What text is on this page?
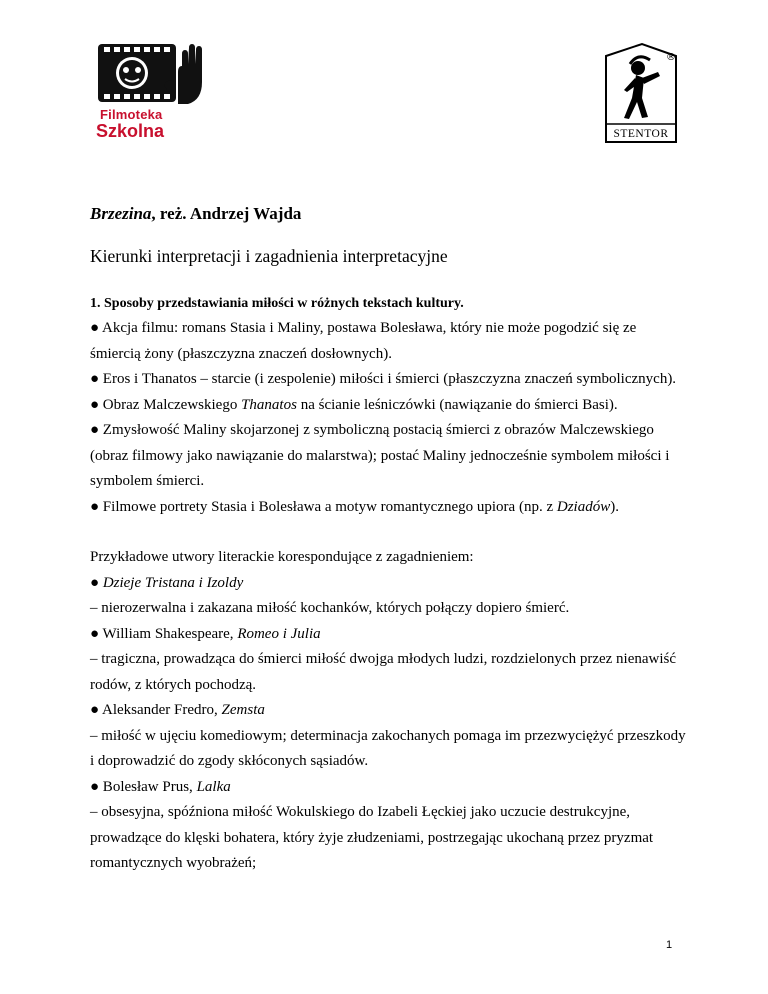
Filmoteka
Szkolna
®
STENTOR
Brzezina, reż. Andrzej Wajda
Kierunki interpretacji i zagadnienia interpretacyjne
1. Sposoby przedstawiania miłości w różnych tekstach kultury.

● Akcja filmu: romans Stasia i Maliny, postawa Bolesława, który nie może pogodzić się ze śmiercią żony (płaszczyzna znaczeń dosłownych).

● Eros i Thanatos – starcie (i zespolenie) miłości i śmierci (płaszczyzna znaczeń symbolicznych).

● Obraz Malczewskiego Thanatos na ścianie leśniczówki (nawiązanie do śmierci Basi).

● Zmysłowość Maliny skojarzonej z symboliczną postacią śmierci z obrazów Malczewskiego (obraz filmowy jako nawiązanie do malarstwa); postać Maliny jednocześnie symbolem miłości i symbolem śmierci.

● Filmowe portrety Stasia i Bolesława a motyw romantycznego upiora (np. z Dziadów).

Przykładowe utwory literackie korespondujące z zagadnieniem:

● Dzieje Tristana i Izoldy

– nierozerwalna i zakazana miłość kochanków, których połączy dopiero śmierć.

● William Shakespeare, Romeo i Julia

– tragiczna, prowadząca do śmierci miłość dwojga młodych ludzi, rozdzielonych przez nienawiść rodów, z których pochodzą.

● Aleksander Fredro, Zemsta

– miłość w ujęciu komediowym; determinacja zakochanych pomaga im przezwyciężyć przeszkody i doprowadzić do zgody skłóconych sąsiadów.

● Bolesław Prus, Lalka

– obsesyjna, spóźniona miłość Wokulskiego do Izabeli Łęckiej jako uczucie destrukcyjne, prowadzące do klęski bohatera, który żyje złudzeniami, postrzegając ukochaną przez pryzmat romantycznych wyobrażeń;

1
